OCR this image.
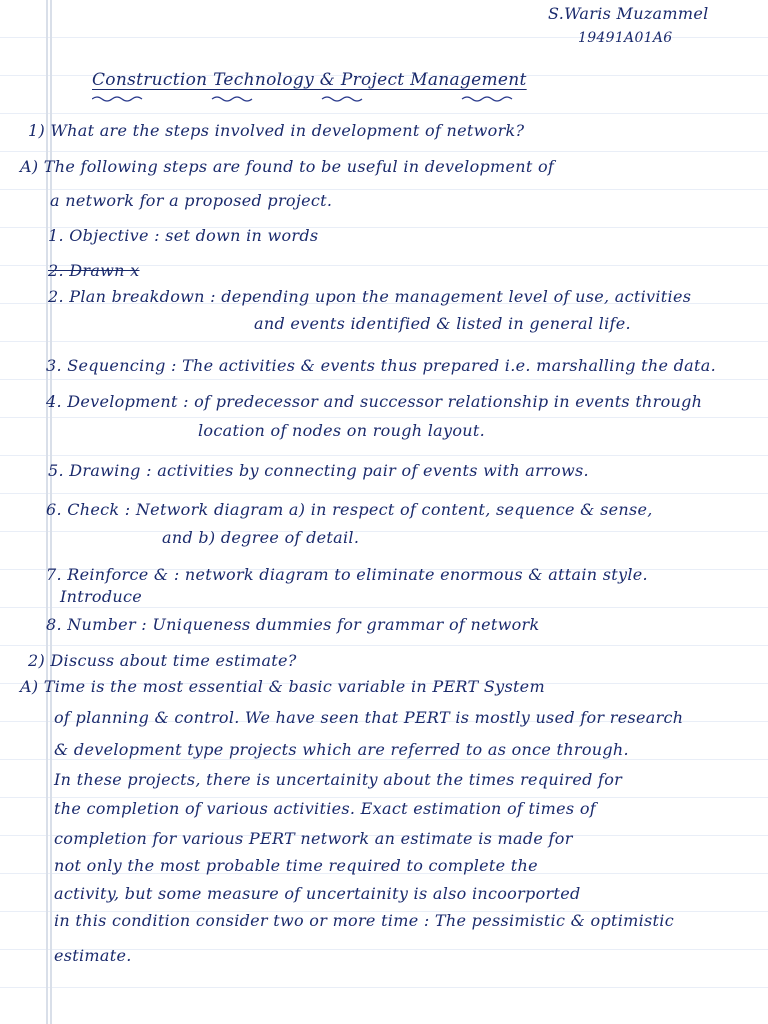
S.Waris Muzammel
19491A01A6
Construction Technology & Project Management
1) What are the steps involved in development of network?
A) The following steps are found to be useful in development of
a network for a proposed project.
1. Objective : set down in words
2. Drawn x
2. Plan breakdown : depending upon the management level of use, activities
and events identified & listed in general life.
3. Sequencing : The activities & events thus prepared i.e. marshalling the data.
4. Development : of predecessor and successor relationship in events through
location of nodes on rough layout.
5. Drawing : activities by connecting pair of events with arrows.
6. Check : Network diagram a) in respect of content, sequence & sense,
and b) degree of detail.
7. Reinforce & : network diagram to eliminate enormous & attain style.
Introduce
8. Number : Uniqueness dummies for grammar of network
2) Discuss about time estimate?
A) Time is the most essential & basic variable in PERT System
of planning & control. We have seen that PERT is mostly used for research
& development type projects which are referred to as once through.
In these projects, there is uncertainity about the times required for
the completion of various activities. Exact estimation of times of
completion for various PERT network an estimate is made for
not only the most probable time required to complete the
activity, but some measure of uncertainity is also incoorported
in this condition consider two or more time : The pessimistic & optimistic
estimate.
